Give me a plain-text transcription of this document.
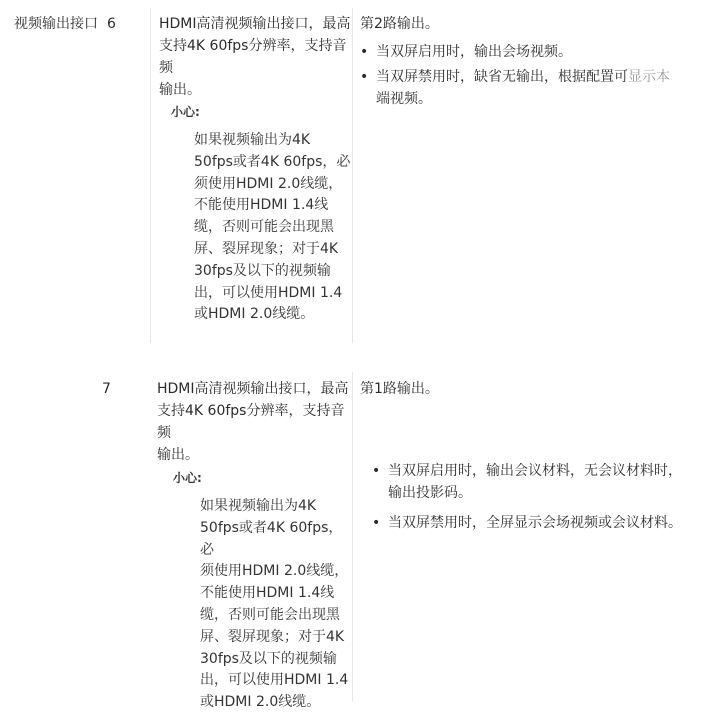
视频输出接口 6	HDMI高清视频输出接口，最高
支持4K 60fps分辨率，支持音频
输出。
小心:
如果视频输出为4K
50fps或者4K 60fps，必
须使用HDMI 2.0线缆，
不能使用HDMI 1.4线
缆，否则可能会出现黑
屏、裂屏现象；对于4K
30fps及以下的视频输
出，可以使用HDMI 1.4
或HDMI 2.0线缆。
第2路输出。
• 当双屏启用时，输出会场视频。
• 当双屏禁用时，缺省无输出，根据配置可显示本
端视频。
7	HDMI高清视频输出接口，最高
支持4K 60fps分辨率，支持音频
输出。
小心:
如果视频输出为4K
50fps或者4K 60fps，必
须使用HDMI 2.0线缆，
不能使用HDMI 1.4线
缆，否则可能会出现黑
屏、裂屏现象；对于4K
30fps及以下的视频输
出，可以使用HDMI 1.4
或HDMI 2.0线缆。
第1路输出。
• 当双屏启用时，输出会议材料，无会议材料时，
输出投影码。
• 当双屏禁用时，全屏显示会场视频或会议材料。
